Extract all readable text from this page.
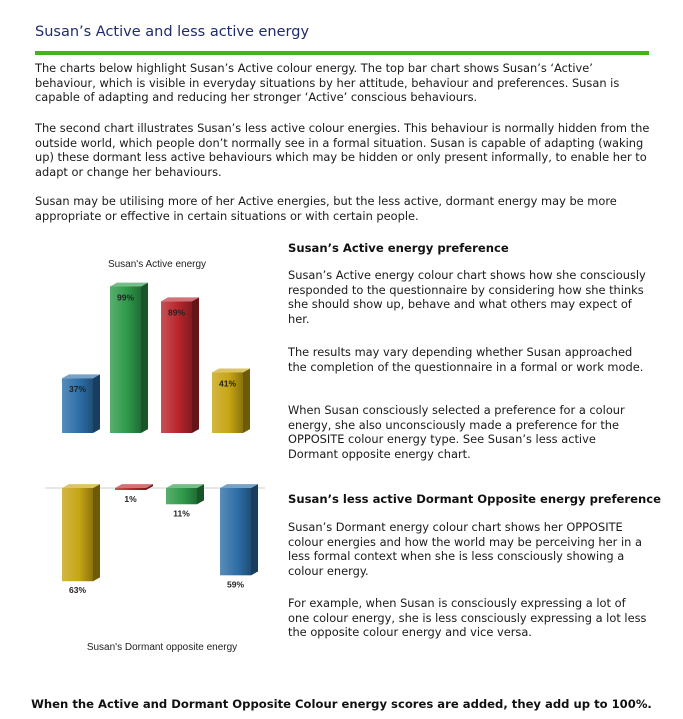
Susan’s Active and less active energy

The charts below highlight Susan’s Active colour energy. The top bar chart shows Susan’s ‘Active’ behaviour, which is visible in everyday situations by her attitude, behaviour and preferences. Susan is capable of adapting and reducing her stronger ‘Active’ conscious behaviours.

The second chart illustrates Susan’s less active colour energies. This behaviour is normally hidden from the outside world, which people don’t normally see in a formal situation. Susan is capable of adapting (waking up) these dormant less active behaviours which may be hidden or only present informally, to enable her to adapt or change her behaviours.

Susan may be utilising more of her Active energies, but the less active, dormant energy may be more appropriate or effective in certain situations or with certain people.

Susan's Active energy
37%
99%
89%
41%
63%
1%
11%
59%
Susan's Dormant opposite energy
Susan’s Active energy preference

Susan’s Active energy colour chart shows how she consciously responded to the questionnaire by considering how she thinks she should show up, behave and what others may expect of her.

The results may vary depending whether Susan approached the completion of the questionnaire in a formal or work mode.

When Susan consciously selected a preference for a colour energy, she also unconsciously made a preference for the OPPOSITE colour energy type. See Susan’s less active Dormant opposite energy chart.

Susan’s less active Dormant Opposite energy preference

Susan’s Dormant energy colour chart shows her OPPOSITE colour energies and how the world may be perceiving her in a less formal context when she is less consciously showing a colour energy.

For example, when Susan is consciously expressing a lot of one colour energy, she is less consciously expressing a lot less the opposite colour energy and vice versa.

When the Active and Dormant Opposite Colour energy scores are added, they add up to 100%.
